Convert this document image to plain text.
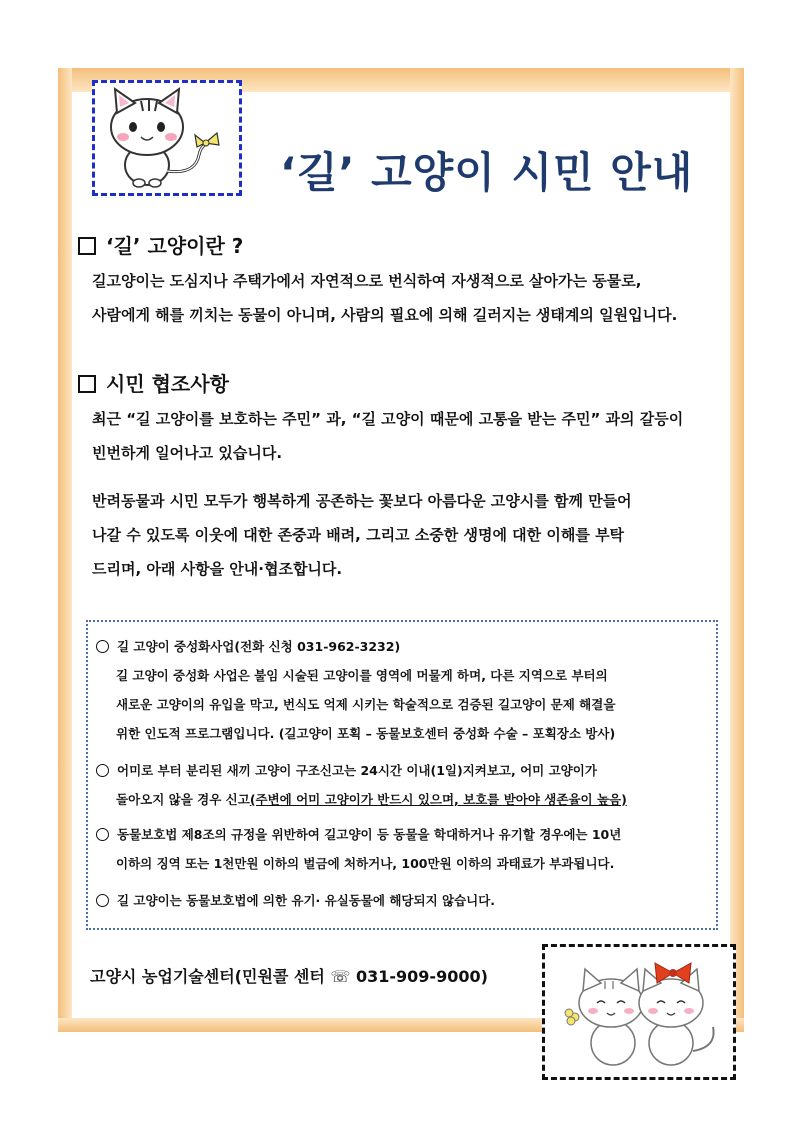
‘길’ 고양이 시민 안내
‘길’ 고양이란 ?
길고양이는 도심지나 주택가에서 자연적으로 번식하여 자생적으로 살아가는 동물로,
사람에게 해를 끼치는 동물이 아니며, 사람의 필요에 의해 길러지는 생태계의 일원입니다.
시민 협조사항
최근 “길 고양이를 보호하는 주민” 과, “길 고양이 때문에 고통을 받는 주민” 과의 갈등이
빈번하게 일어나고 있습니다.
반려동물과 시민 모두가 행복하게 공존하는 꽃보다 아름다운 고양시를 함께 만들어
나갈 수 있도록 이웃에 대한 존중과 배려, 그리고 소중한 생명에 대한 이해를 부탁
드리며, 아래 사항을 안내·협조합니다.
길 고양이 중성화사업(전화 신청 031-962-3232)
길 고양이 중성화 사업은 불임 시술된 고양이를 영역에 머물게 하며, 다른 지역으로 부터의
새로운 고양이의 유입을 막고, 번식도 억제 시키는 학술적으로 검증된 길고양이 문제 해결을
위한 인도적 프로그램입니다. (길고양이 포획 – 동물보호센터 중성화 수술 – 포획장소 방사)
어미로 부터 분리된 새끼 고양이 구조신고는 24시간 이내(1일)지켜보고, 어미 고양이가
돌아오지 않을 경우 신고(주변에 어미 고양이가 반드시 있으며, 보호를 받아야 생존율이 높음)
동물보호법 제8조의 규정을 위반하여 길고양이 등 동물을 학대하거나 유기할 경우에는 10년
이하의 징역 또는 1천만원 이하의 벌금에 처하거나, 100만원 이하의 과태료가 부과됩니다.
길 고양이는 동물보호법에 의한 유기· 유실동물에 해당되지 않습니다.
고양시 농업기술센터(민원콜 센터 ☏ 031-909-9000)
